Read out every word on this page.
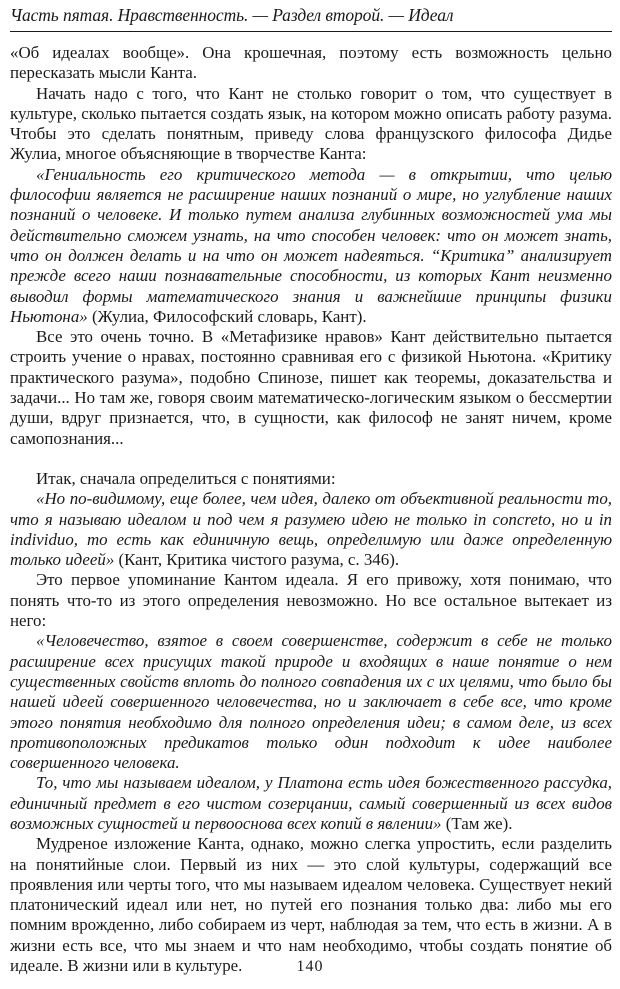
Часть пятая. Нравственность. — Раздел второй. — Идеал

«Об идеалах вообще». Она крошечная, поэтому есть возможность цельно пересказать мысли Канта.

Начать надо с того, что Кант не столько говорит о том, что существует в культуре, сколько пытается создать язык, на котором можно описать работу разума. Чтобы это сделать понятным, приведу слова французского философа Дидье Жулиа, многое объясняющие в творчестве Канта:

«Гениальность его критического метода — в открытии, что целью философии является не расширение наших познаний о мире, но углубление наших познаний о человеке. И только путем анализа глубинных возможностей ума мы действительно сможем узнать, на что способен человек: что он может знать, что он должен делать и на что он может надеяться. “Критика” анализирует прежде всего наши познавательные способности, из которых Кант неизменно выводил формы математического знания и важнейшие принципы физики Ньютона» (Жулиа, Философский словарь, Кант).

Все это очень точно. В «Метафизике нравов» Кант действительно пытается строить учение о нравах, постоянно сравнивая его с физикой Ньютона. «Критику практического разума», подобно Спинозе, пишет как теоремы, доказательства и задачи... Но там же, говоря своим математическо-логическим языком о бессмертии души, вдруг признается, что, в сущности, как философ не занят ничем, кроме самопознания...

Итак, сначала определиться с понятиями:

«Но по-видимому, еще более, чем идея, далеко от объективной реальности то, что я называю идеалом и под чем я разумею идею не только in concreto, но и in individuo, то есть как единичную вещь, определимую или даже определенную только идеей» (Кант, Критика чистого разума, с. 346).

Это первое упоминание Кантом идеала. Я его привожу, хотя понимаю, что понять что-то из этого определения невозможно. Но все остальное вытекает из него:

«Человечество, взятое в своем совершенстве, содержит в себе не только расширение всех присущих такой природе и входящих в наше понятие о нем существенных свойств вплоть до полного совпадения их с их целями, что было бы нашей идеей совершенного человечества, но и заключает в себе все, что кроме этого понятия необходимо для полного определения идеи; в самом деле, из всех противоположных предикатов только один подходит к идее наиболее совершенного человека.

То, что мы называем идеалом, у Платона есть идея божественного рассудка, единичный предмет в его чистом созерцании, самый совершенный из всех видов возможных сущностей и первооснова всех копий в явлении» (Там же).

Мудреное изложение Канта, однако, можно слегка упростить, если разделить на понятийные слои. Первый из них — это слой культуры, содержащий все проявления или черты того, что мы называем идеалом человека. Существует некий платонический идеал или нет, но путей его познания только два: либо мы его помним врожденно, либо собираем из черт, наблюдая за тем, что есть в жизни. А в жизни есть все, что мы знаем и что нам необходимо, чтобы создать понятие об идеале. В жизни или в культуре.	140
